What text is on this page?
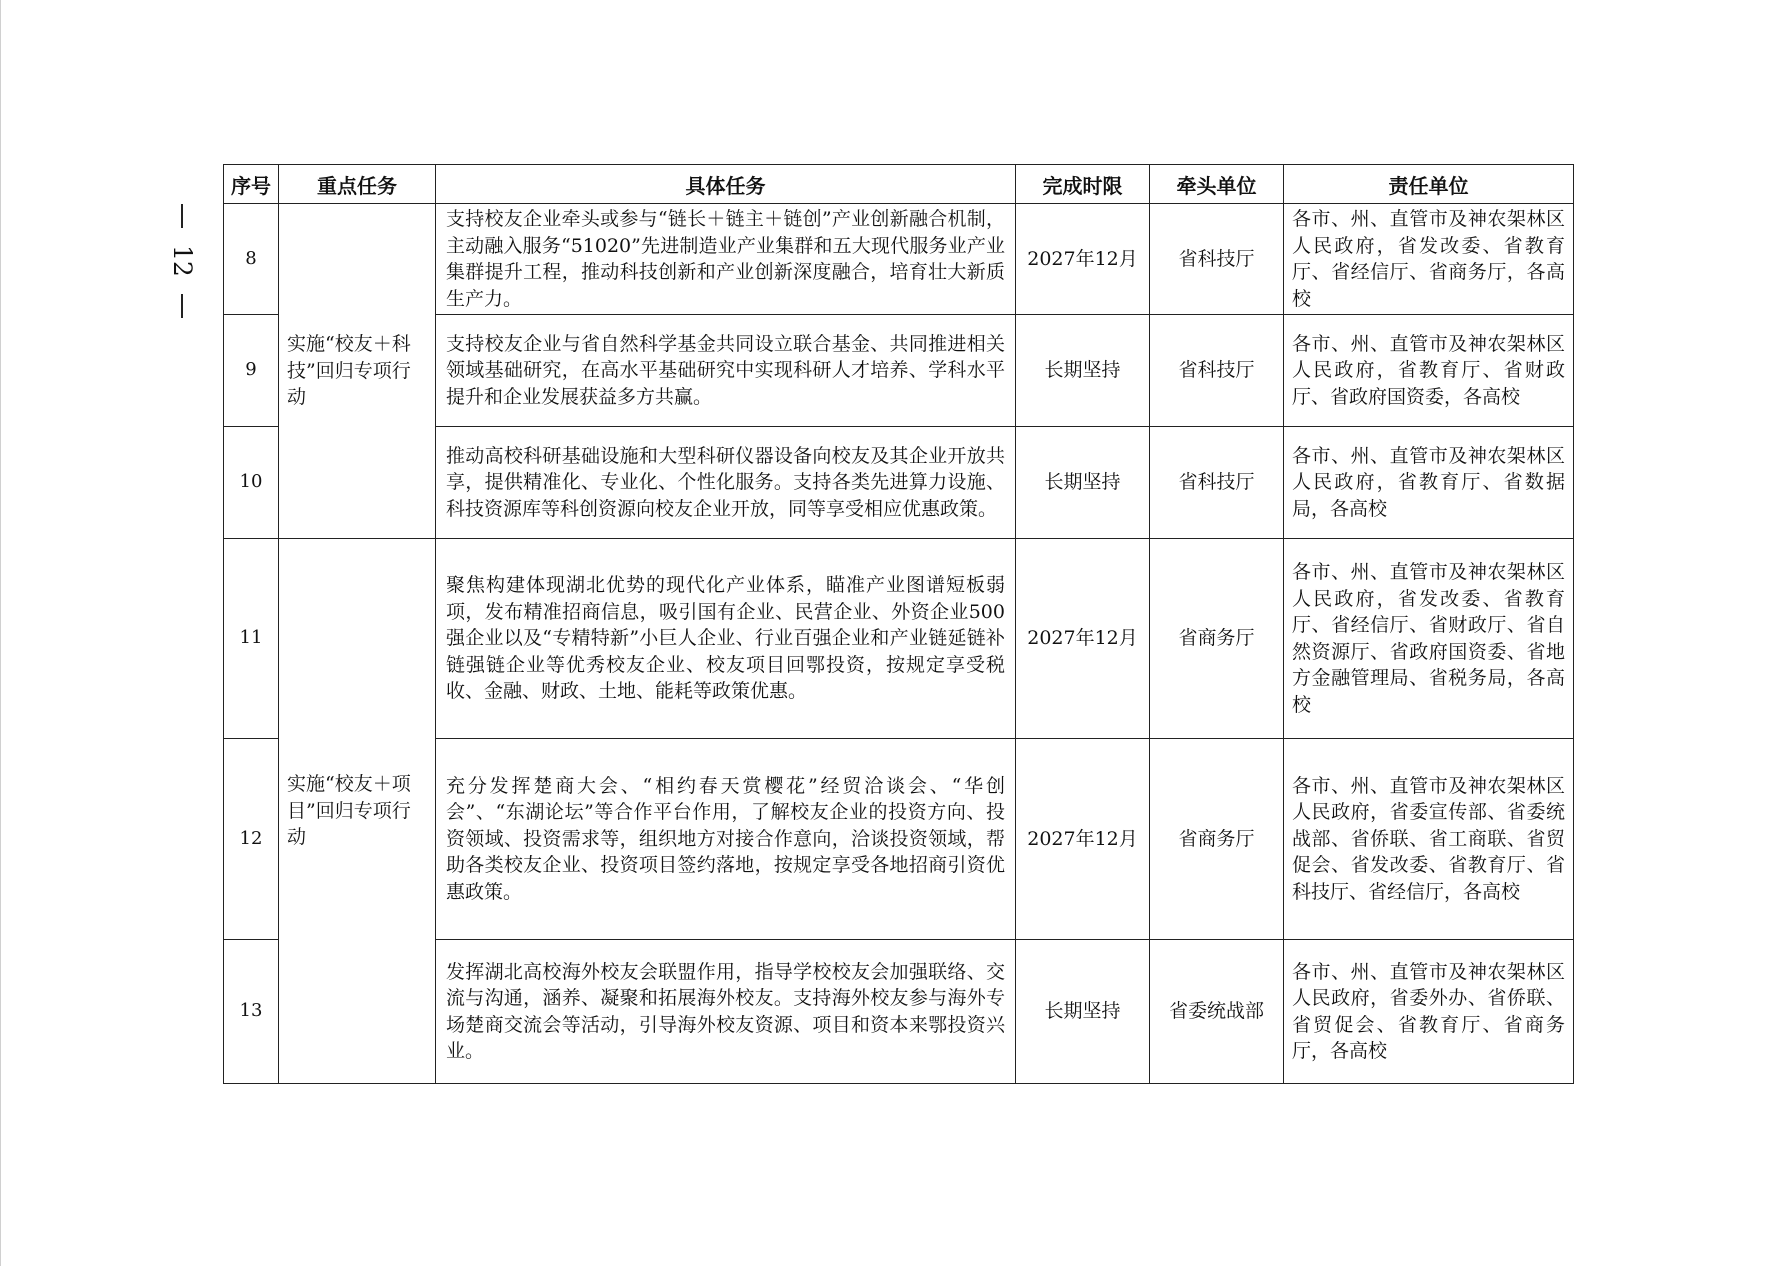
12
序号	重点任务	具体任务	完成时限	牵头单位	责任单位
8	实施“校友＋科技”回归专项行动	支持校友企业牵头或参与“链长＋链主＋链创”产业创新融合机制，主动融入服务“51020”先进制造业产业集群和五大现代服务业产业集群提升工程，推动科技创新和产业创新深度融合，培育壮大新质生产力。	2027年12月	省科技厅	各市、州、直管市及神农架林区人民政府，省发改委、省教育厅、省经信厅、省商务厅，各高校
9		支持校友企业与省自然科学基金共同设立联合基金、共同推进相关领域基础研究，在高水平基础研究中实现科研人才培养、学科水平提升和企业发展获益多方共赢。	长期坚持	省科技厅	各市、州、直管市及神农架林区人民政府，省教育厅、省财政厅、省政府国资委，各高校
10		推动高校科研基础设施和大型科研仪器设备向校友及其企业开放共享，提供精准化、专业化、个性化服务。支持各类先进算力设施、科技资源库等科创资源向校友企业开放，同等享受相应优惠政策。	长期坚持	省科技厅	各市、州、直管市及神农架林区人民政府，省教育厅、省数据局，各高校
11	实施“校友＋项目”回归专项行动	聚焦构建体现湖北优势的现代化产业体系，瞄准产业图谱短板弱项，发布精准招商信息，吸引国有企业、民营企业、外资企业500强企业以及“专精特新”小巨人企业、行业百强企业和产业链延链补链强链企业等优秀校友企业、校友项目回鄂投资，按规定享受税收、金融、财政、土地、能耗等政策优惠。	2027年12月	省商务厅	各市、州、直管市及神农架林区人民政府，省发改委、省教育厅、省经信厅、省财政厅、省自然资源厅、省政府国资委、省地方金融管理局、省税务局，各高校
12		充分发挥楚商大会、“相约春天赏樱花”经贸洽谈会、“华创会”、“东湖论坛”等合作平台作用，了解校友企业的投资方向、投资领域、投资需求等，组织地方对接合作意向，洽谈投资领域，帮助各类校友企业、投资项目签约落地，按规定享受各地招商引资优惠政策。	2027年12月	省商务厅	各市、州、直管市及神农架林区人民政府，省委宣传部、省委统战部、省侨联、省工商联、省贸促会、省发改委、省教育厅、省科技厅、省经信厅，各高校
13		发挥湖北高校海外校友会联盟作用，指导学校校友会加强联络、交流与沟通，涵养、凝聚和拓展海外校友。支持海外校友参与海外专场楚商交流会等活动，引导海外校友资源、项目和资本来鄂投资兴业。	长期坚持	省委统战部	各市、州、直管市及神农架林区人民政府，省委外办、省侨联、省贸促会、省教育厅、省商务厅，各高校
